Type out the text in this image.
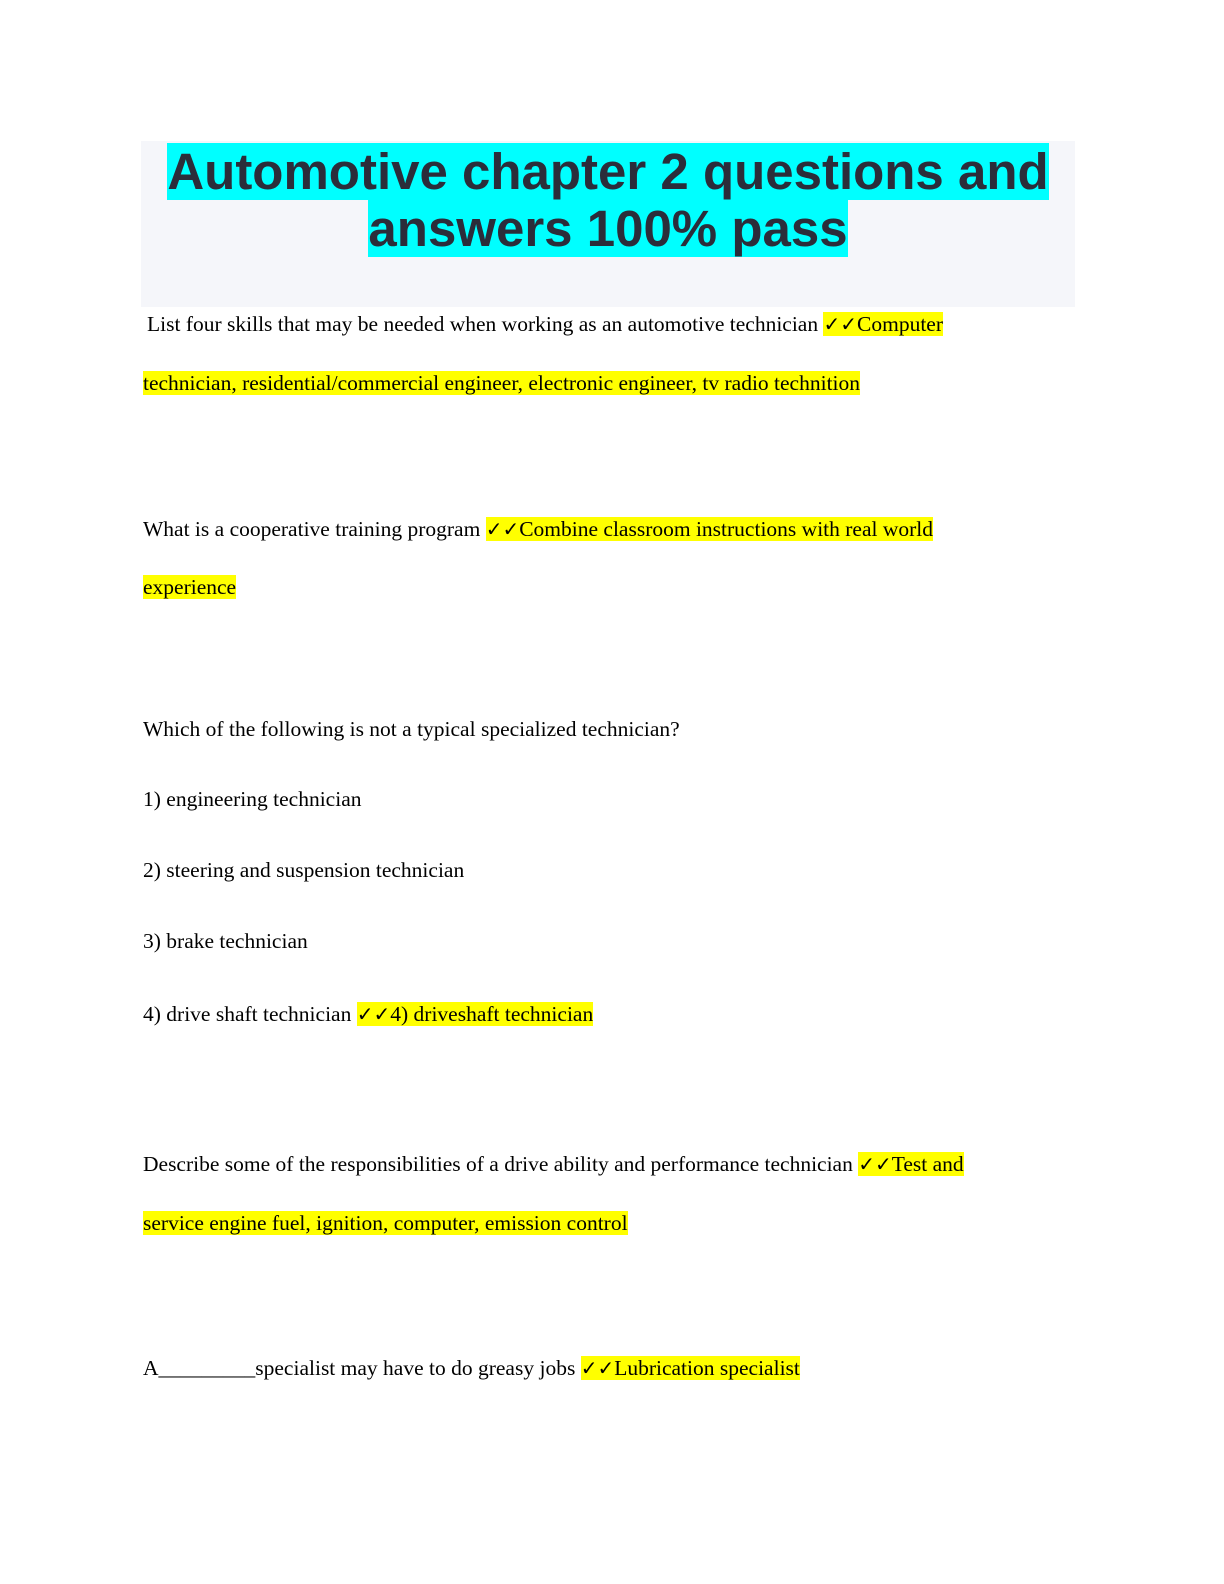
Automotive chapter 2 questions and
answers 100% pass

List four skills that may be needed when working as an automotive technician ✓✓Computer

technician, residential/commercial engineer, electronic engineer, tv radio technition

What is a cooperative training program ✓✓Combine classroom instructions with real world

experience

Which of the following is not a typical specialized technician?

1) engineering technician

2) steering and suspension technician

3) brake technician

4) drive shaft technician ✓✓4) driveshaft technician

Describe some of the responsibilities of a drive ability and performance technician ✓✓Test and

service engine fuel, ignition, computer, emission control

A_________specialist may have to do greasy jobs ✓✓Lubrication specialist
